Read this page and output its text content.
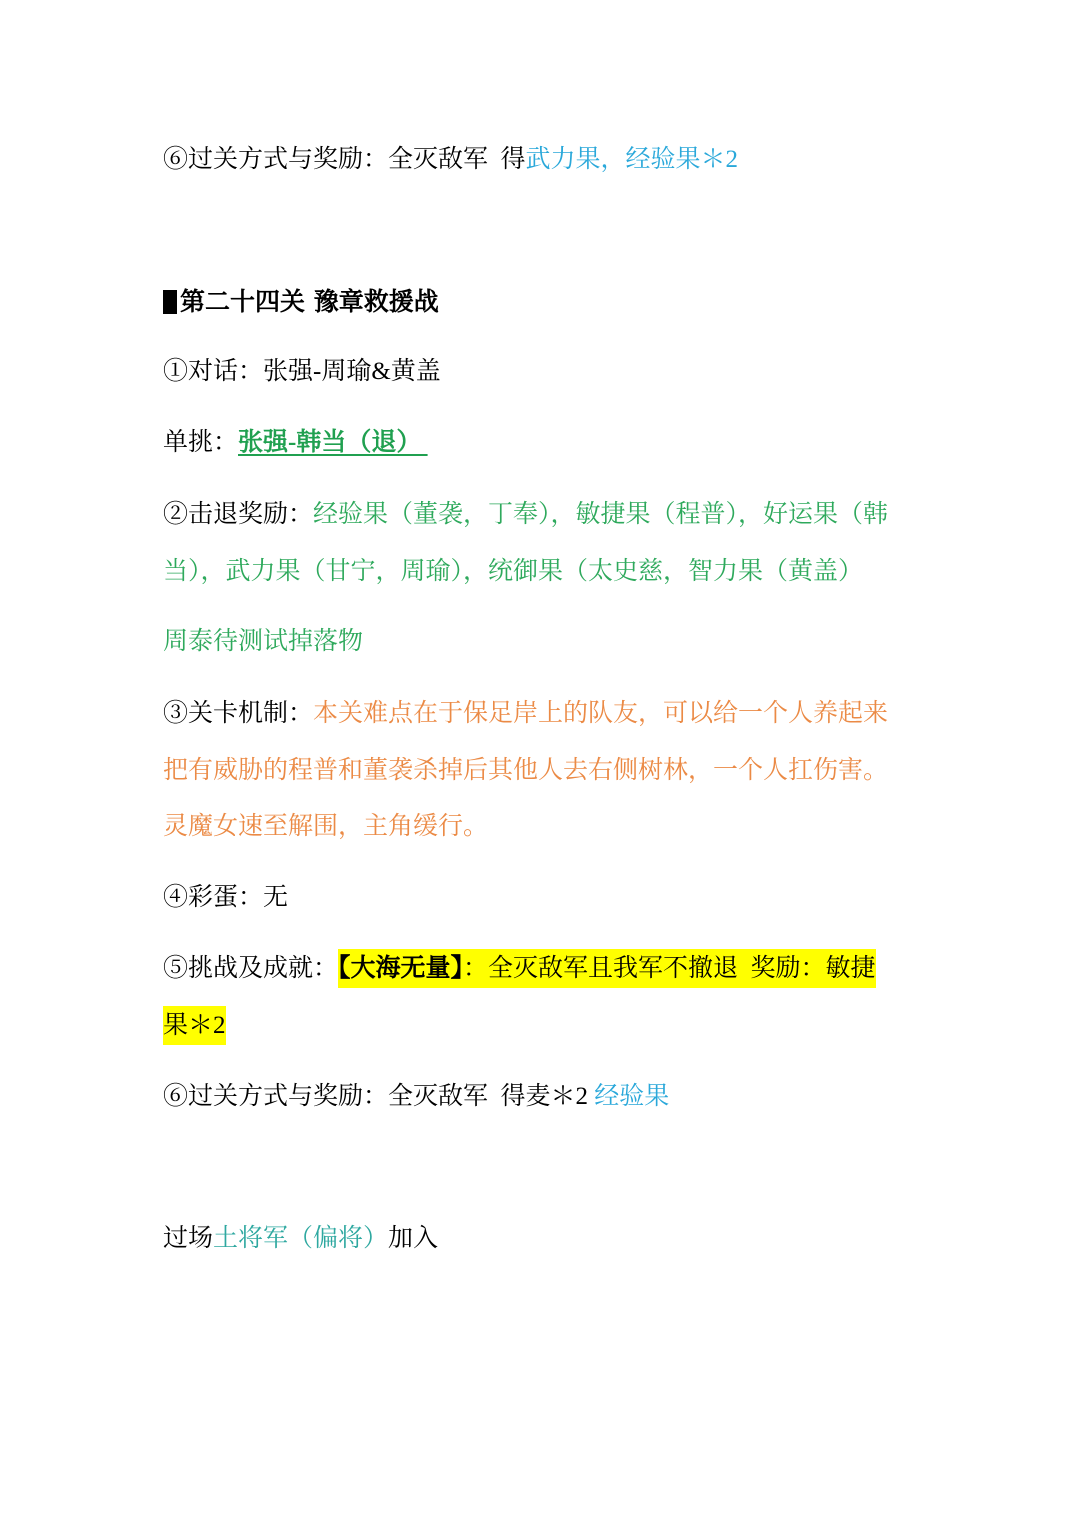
⑥过关方式与奖励：全灭敌军  得武力果，经验果＊2
第二十四关 豫章救援战
①对话：张强-周瑜&黄盖
单挑：张强-韩当（退）
②击退奖励：经验果（董袭，丁奉），敏捷果（程普），好运果（韩
当），武力果（甘宁，周瑜），统御果（太史慈，智力果（黄盖）
周泰待测试掉落物
③关卡机制：本关难点在于保足岸上的队友，可以给一个人养起来
把有威胁的程普和董袭杀掉后其他人去右侧树林，一个人扛伤害。
灵魔女速至解围，主角缓行。
④彩蛋：无
⑤挑战及成就：【大海无量】：全灭敌军且我军不撤退  奖励：敏捷
果＊2
⑥过关方式与奖励：全灭敌军  得麦＊2 经验果
过场土将军（偏将）加入
